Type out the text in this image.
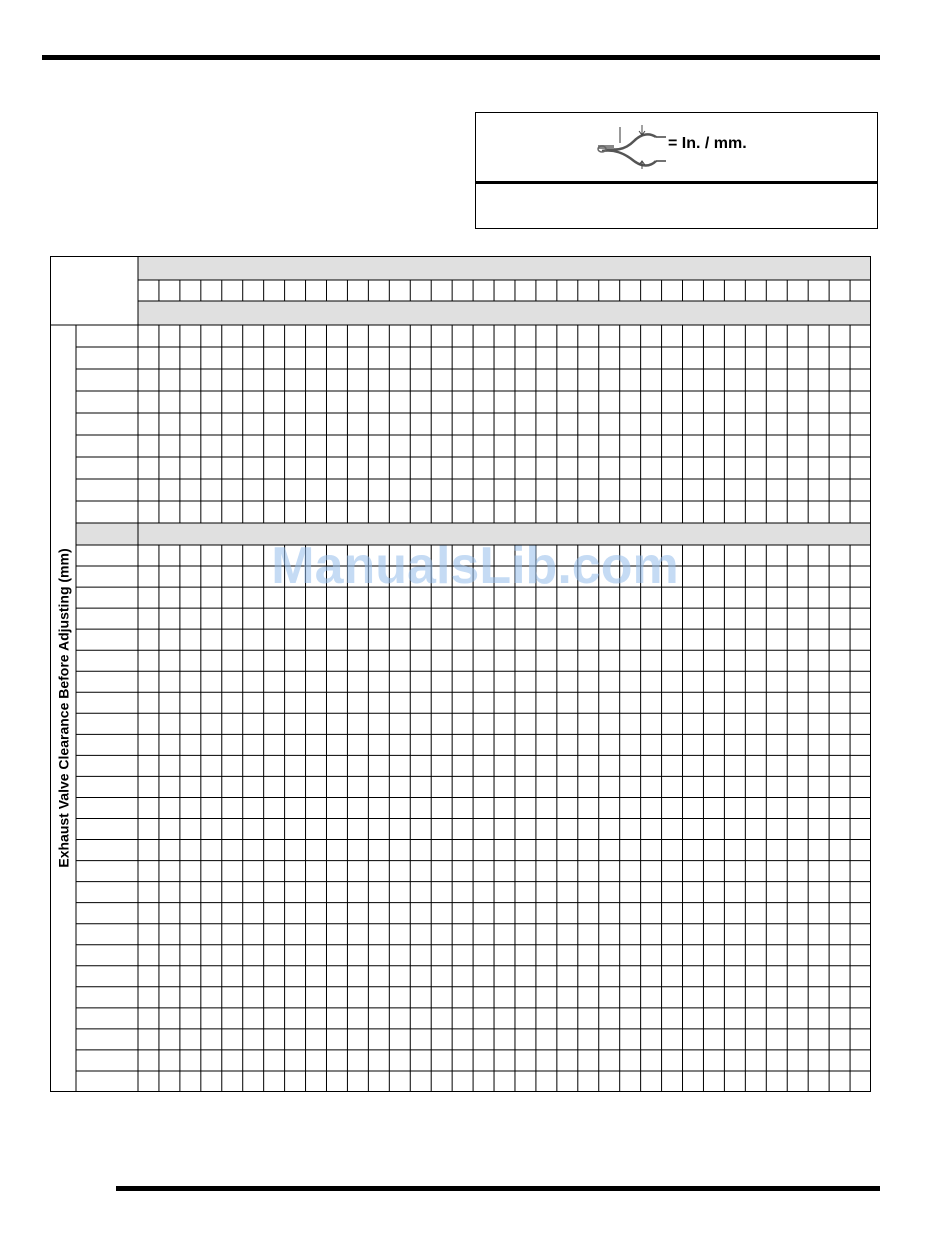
= In. / mm.
Exhaust Valve Clearance Before Adjusting (mm)	ManualsLib.com
